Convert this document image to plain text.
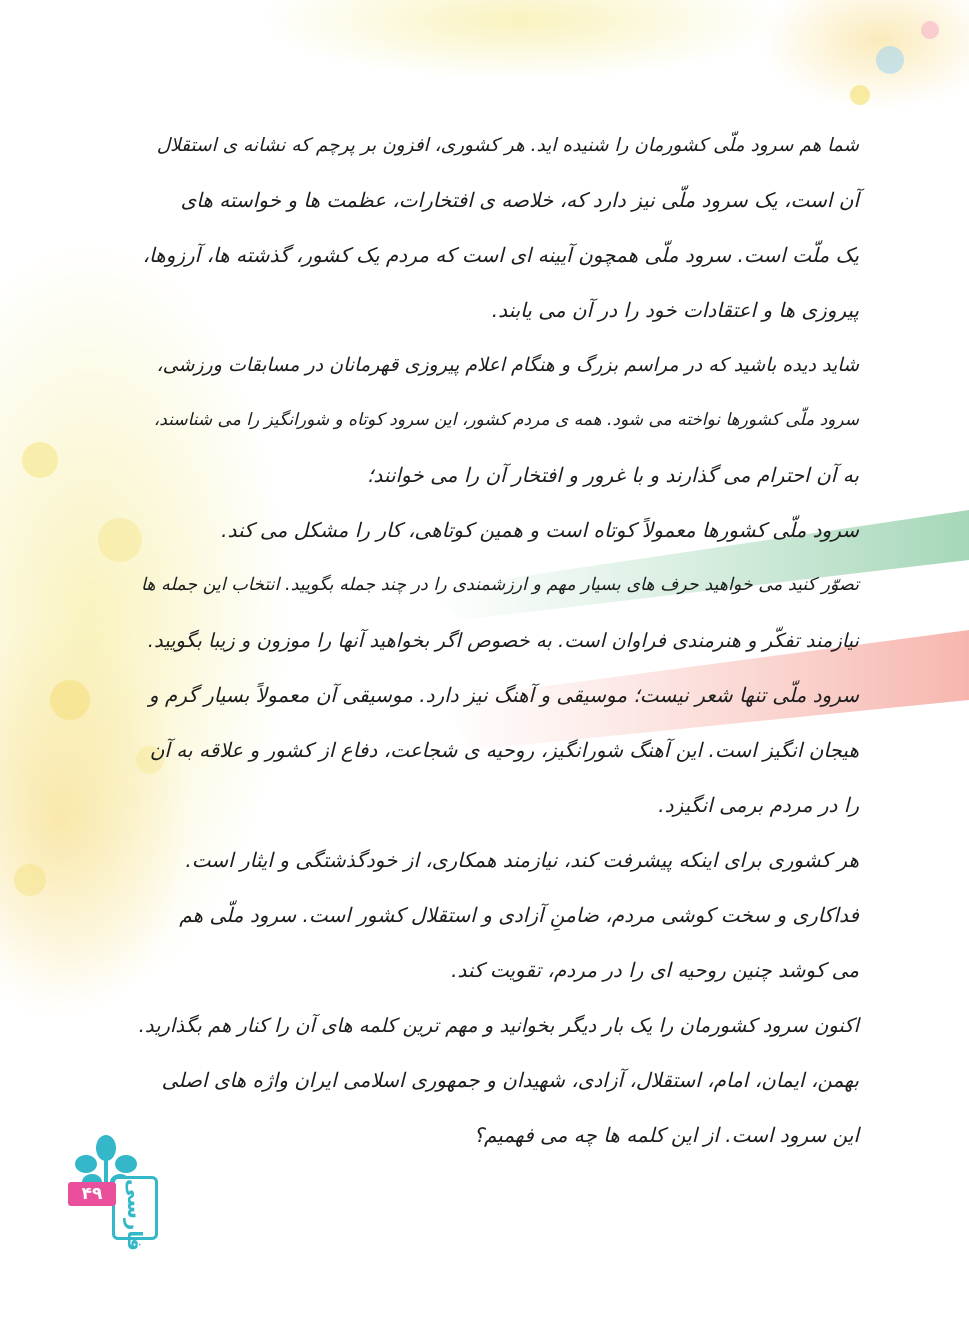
شما هم سرود ملّی کشورمان را شنیده اید. هر کشوری، افزون بر پرچم که نشانه ی استقلال
آن است، یک سرود ملّی نیز دارد که، خلاصه ی افتخارات، عظمت ها و خواسته های
یک ملّت است. سرود ملّی همچون آیینه ای است که مردم یک کشور، گذشته ها، آرزوها،
پیروزی ها و اعتقادات خود را در آن می یابند.
شاید دیده باشید که در مراسم بزرگ و هنگام اعلام پیروزی قهرمانان در مسابقات ورزشی،
سرود ملّی کشورها نواخته می شود. همه ی مردم کشور، این سرود کوتاه و شورانگیز را می شناسند،
به آن احترام می گذارند و با غرور و افتخار آن را می خوانند؛
سرود ملّی کشورها معمولاً کوتاه است و همین کوتاهی، کار را مشکل می کند.
تصوّر کنید می خواهید حرف های بسیار مهم و ارزشمندی را در چند جمله بگویید. انتخاب این جمله ها
نیازمند تفکّر و هنرمندی فراوان است. به خصوص اگر بخواهید آنها را موزون و زیبا بگویید.
سرود ملّی تنها شعر نیست؛ موسیقی و آهنگ نیز دارد. موسیقی آن معمولاً بسیار گرم و
هیجان انگیز است. این آهنگ شورانگیز، روحیه ی شجاعت، دفاع از کشور و علاقه به آن
را در مردم برمی انگیزد.
هر کشوری برای اینکه پیشرفت کند، نیازمند همکاری، از خودگذشتگی و ایثار است.
فداکاری و سخت کوشی مردم، ضامنِ آزادی و استقلال کشور است. سرود ملّی هم
می کوشد چنین روحیه ای را در مردم، تقویت کند.
اکنون سرود کشورمان را یک بار دیگر بخوانید و مهم ترین کلمه های آن را کنار هم بگذارید.
بهمن، ایمان، امام، استقلال، آزادی، شهیدان و جمهوری اسلامی ایران واژه های اصلی
این سرود است. از این کلمه ها چه می فهمیم؟
۴۹	فارسی
